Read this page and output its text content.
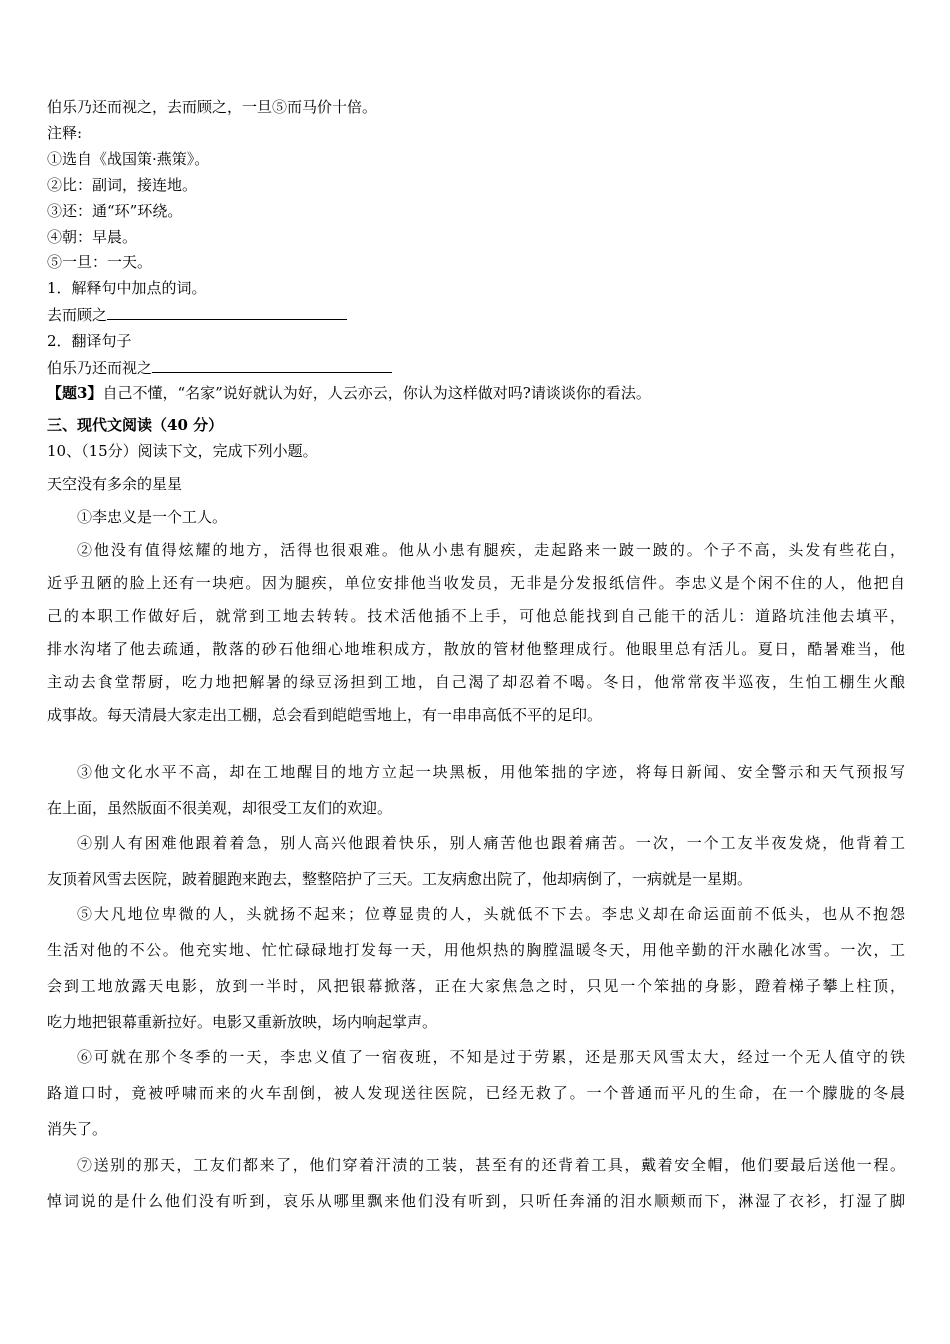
伯乐乃还而视之，去而顾之，一旦⑤而马价十倍。
注释:
①选自《战国策·燕策》。
②比：副词，接连地。
③还：通“环”环绕。
④朝：早晨。
⑤一旦：一天。
1．解释句中加点的词。
去而顾之
2．翻译句子
伯乐乃还而视之
【题3】自己不懂，“名家”说好就认为好，人云亦云，你认为这样做对吗?请谈谈你的看法。
三、现代文阅读（40 分）
10、（15分）阅读下文，完成下列小题。
天空没有多余的星星
①李忠义是一个工人。
②他没有值得炫耀的地方，活得也很艰难。他从小患有腿疾，走起路来一跛一跛的。个子不高，头发有些花白，
近乎丑陋的脸上还有一块疤。因为腿疾，单位安排他当收发员，无非是分发报纸信件。李忠义是个闲不住的人，他把自
己的本职工作做好后，就常到工地去转转。技术活他插不上手，可他总能找到自己能干的活儿：道路坑洼他去填平，
排水沟堵了他去疏通，散落的砂石他细心地堆积成方，散放的管材他整理成行。他眼里总有活儿。夏日，酷暑难当，他
主动去食堂帮厨，吃力地把解暑的绿豆汤担到工地，自己渴了却忍着不喝。冬日，他常常夜半巡夜，生怕工棚生火酿
成事故。每天清晨大家走出工棚，总会看到皑皑雪地上，有一串串高低不平的足印。
③他文化水平不高，却在工地醒目的地方立起一块黑板，用他笨拙的字迹，将每日新闻、安全警示和天气预报写
在上面，虽然版面不很美观，却很受工友们的欢迎。
④别人有困难他跟着着急，别人高兴他跟着快乐，别人痛苦他也跟着痛苦。一次，一个工友半夜发烧，他背着工
友顶着风雪去医院，跛着腿跑来跑去，整整陪护了三天。工友病愈出院了，他却病倒了，一病就是一星期。
⑤大凡地位卑微的人，头就扬不起来；位尊显贵的人，头就低不下去。李忠义却在命运面前不低头，也从不抱怨
生活对他的不公。他充实地、忙忙碌碌地打发每一天，用他炽热的胸膛温暖冬天，用他辛勤的汗水融化冰雪。一次，工
会到工地放露天电影，放到一半时，风把银幕掀落，正在大家焦急之时，只见一个笨拙的身影，蹬着梯子攀上柱顶，
吃力地把银幕重新拉好。电影又重新放映，场内响起掌声。
⑥可就在那个冬季的一天，李忠义值了一宿夜班，不知是过于劳累，还是那天风雪太大，经过一个无人值守的铁
路道口时，竟被呼啸而来的火车刮倒，被人发现送往医院，已经无救了。一个普通而平凡的生命，在一个朦胧的冬晨
消失了。
⑦送别的那天，工友们都来了，他们穿着汗渍的工装，甚至有的还背着工具，戴着安全帽，他们要最后送他一程。
悼词说的是什么他们没有听到，哀乐从哪里飘来他们没有听到，只听任奔涌的泪水顺颊而下，淋湿了衣衫，打湿了脚
